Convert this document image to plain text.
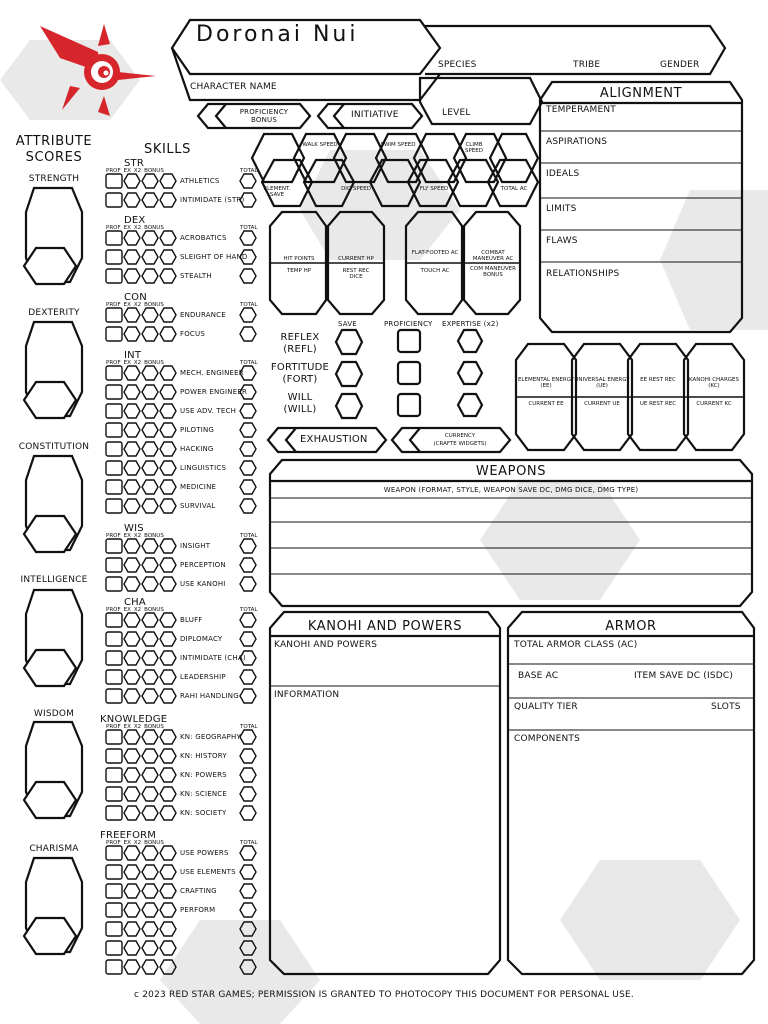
Doronai Nui
CHARACTER NAME
SPECIES	TRIBE	GENDER
LEVEL
PROFICIENCY
BONUS	INITIATIVE
ATTRIBUTE
SCORES
STRENGTH
DEXTERITY
CONSTITUTION
INTELLIGENCE
WISDOM
CHARISMA
SKILLS
STR
PROF EX X2 BONUS	TOTAL
ATHLETICS
INTIMIDATE (STR)
DEX
PROF EX X2 BONUS	TOTAL
ACROBATICS
SLEIGHT OF HAND
STEALTH
CON
PROF EX X2 BONUS	TOTAL
ENDURANCE
FOCUS
INT
PROF EX X2 BONUS	TOTAL
MECH. ENGINEER
POWER ENGINEER
USE ADV. TECH
PILOTING
HACKING
LINGUISTICS
MEDICINE
SURVIVAL
WIS
PROF EX X2 BONUS	TOTAL
INSIGHT
PERCEPTION
USE KANOHI
CHA
PROF EX X2 BONUS	TOTAL
BLUFF
DIPLOMACY
INTIMIDATE (CHA)
LEADERSHIP
RAHI HANDLING
KNOWLEDGE
PROF EX X2 BONUS	TOTAL
KN: GEOGRAPHY
KN: HISTORY
KN: POWERS
KN: SCIENCE
KN: SOCIETY
FREEFORM
PROF EX X2 BONUS	TOTAL
USE POWERS
USE ELEMENTS
CRAFTING
PERFORM
WALK SPEED	SWIM SPEED	CLIMB SPEED
ELEMENT. SAVE
DIG SPEED	FLY SPEED	TOTAL AC
HIT POINTS	CURRENT HP
TEMP HP	REST REC DICE
FLAT-FOOTED AC	COMBAT MANEUVER AC
TOUCH AC	COM MANEUVER BONUS
SAVE	PROFICIENCY EXPERTISE (x2)
REFLEX
(REFL)
FORTITUDE
(FORT)
WILL
(WILL)
EXHAUSTION	CURRENCY
(CRAFTE WIDGETS)
ELEMENTAL ENERGY (EE)
CURRENT EE
UNIVERSAL ENERGY (UE)
CURRENT UE
EE REST REC
UE REST REC
KANOHI CHARGES (KC)
CURRENT KC
ALIGNMENT
TEMPERAMENT
ASPIRATIONS
IDEALS
LIMITS
FLAWS
RELATIONSHIPS
WEAPONS
WEAPON (FORMAT, STYLE, WEAPON SAVE DC, DMG DICE, DMG TYPE)
KANOHI AND POWERS
KANOHI AND POWERS
INFORMATION
ARMOR
TOTAL ARMOR CLASS (AC)
BASE AC	ITEM SAVE DC (ISDC)
QUALITY TIER	SLOTS
COMPONENTS
c 2023 RED STAR GAMES; PERMISSION IS GRANTED TO PHOTOCOPY THIS DOCUMENT FOR PERSONAL USE.
